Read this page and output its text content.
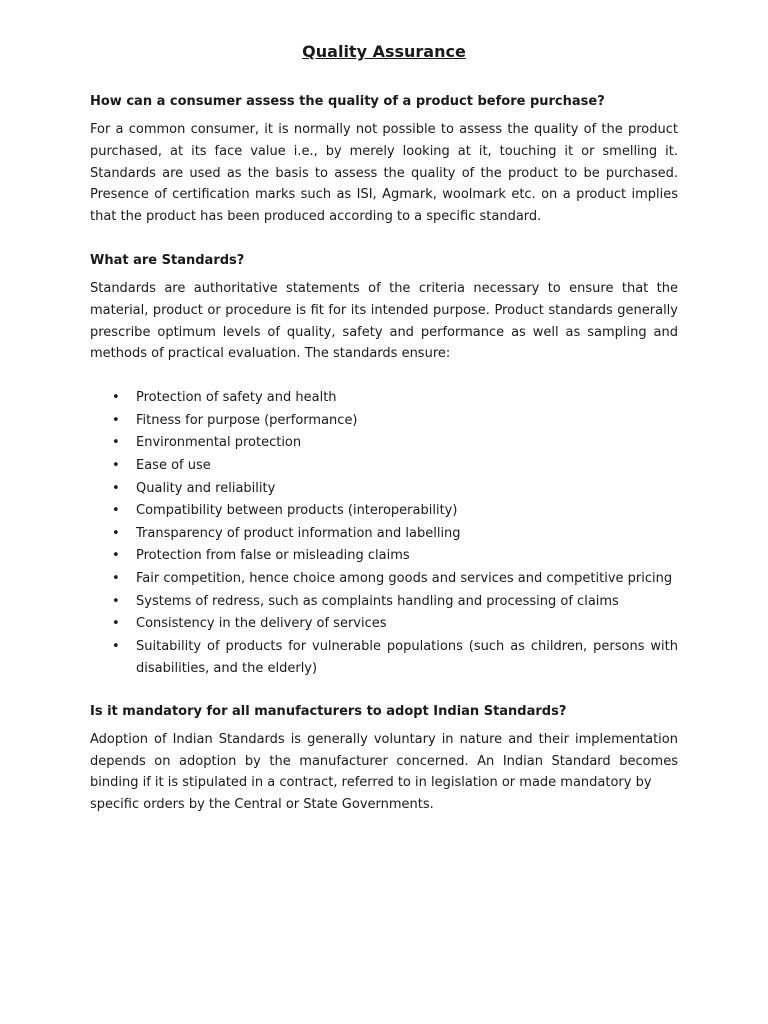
Quality Assurance

How can a consumer assess the quality of a product before purchase?

For a common consumer, it is normally not possible to assess the quality of the product purchased, at its face value i.e., by merely looking at it, touching it or smelling it. Standards are used as the basis to assess the quality of the product to be purchased. Presence of certification marks such as ISI, Agmark, woolmark etc. on a product implies that the product has been produced according to a specific standard.

What are Standards?

Standards are authoritative statements of the criteria necessary to ensure that the material, product or procedure is fit for its intended purpose. Product standards generally prescribe optimum levels of quality, safety and performance as well as sampling and methods of practical evaluation. The standards ensure:

• Protection of safety and health
• Fitness for purpose (performance)
• Environmental protection
• Ease of use
• Quality and reliability
• Compatibility between products (interoperability)
• Transparency of product information and labelling
• Protection from false or misleading claims
• Fair competition, hence choice among goods and services and competitive pricing
• Systems of redress, such as complaints handling and processing of claims
• Consistency in the delivery of services
• Suitability of products for vulnerable populations (such as children, persons with disabilities, and the elderly)

Is it mandatory for all manufacturers to adopt Indian Standards?

Adoption of Indian Standards is generally voluntary in nature and their implementation depends on adoption by the manufacturer concerned. An Indian Standard becomes binding if it is stipulated in a contract, referred to in legislation or made mandatory by

specific orders by the Central or State Governments.
